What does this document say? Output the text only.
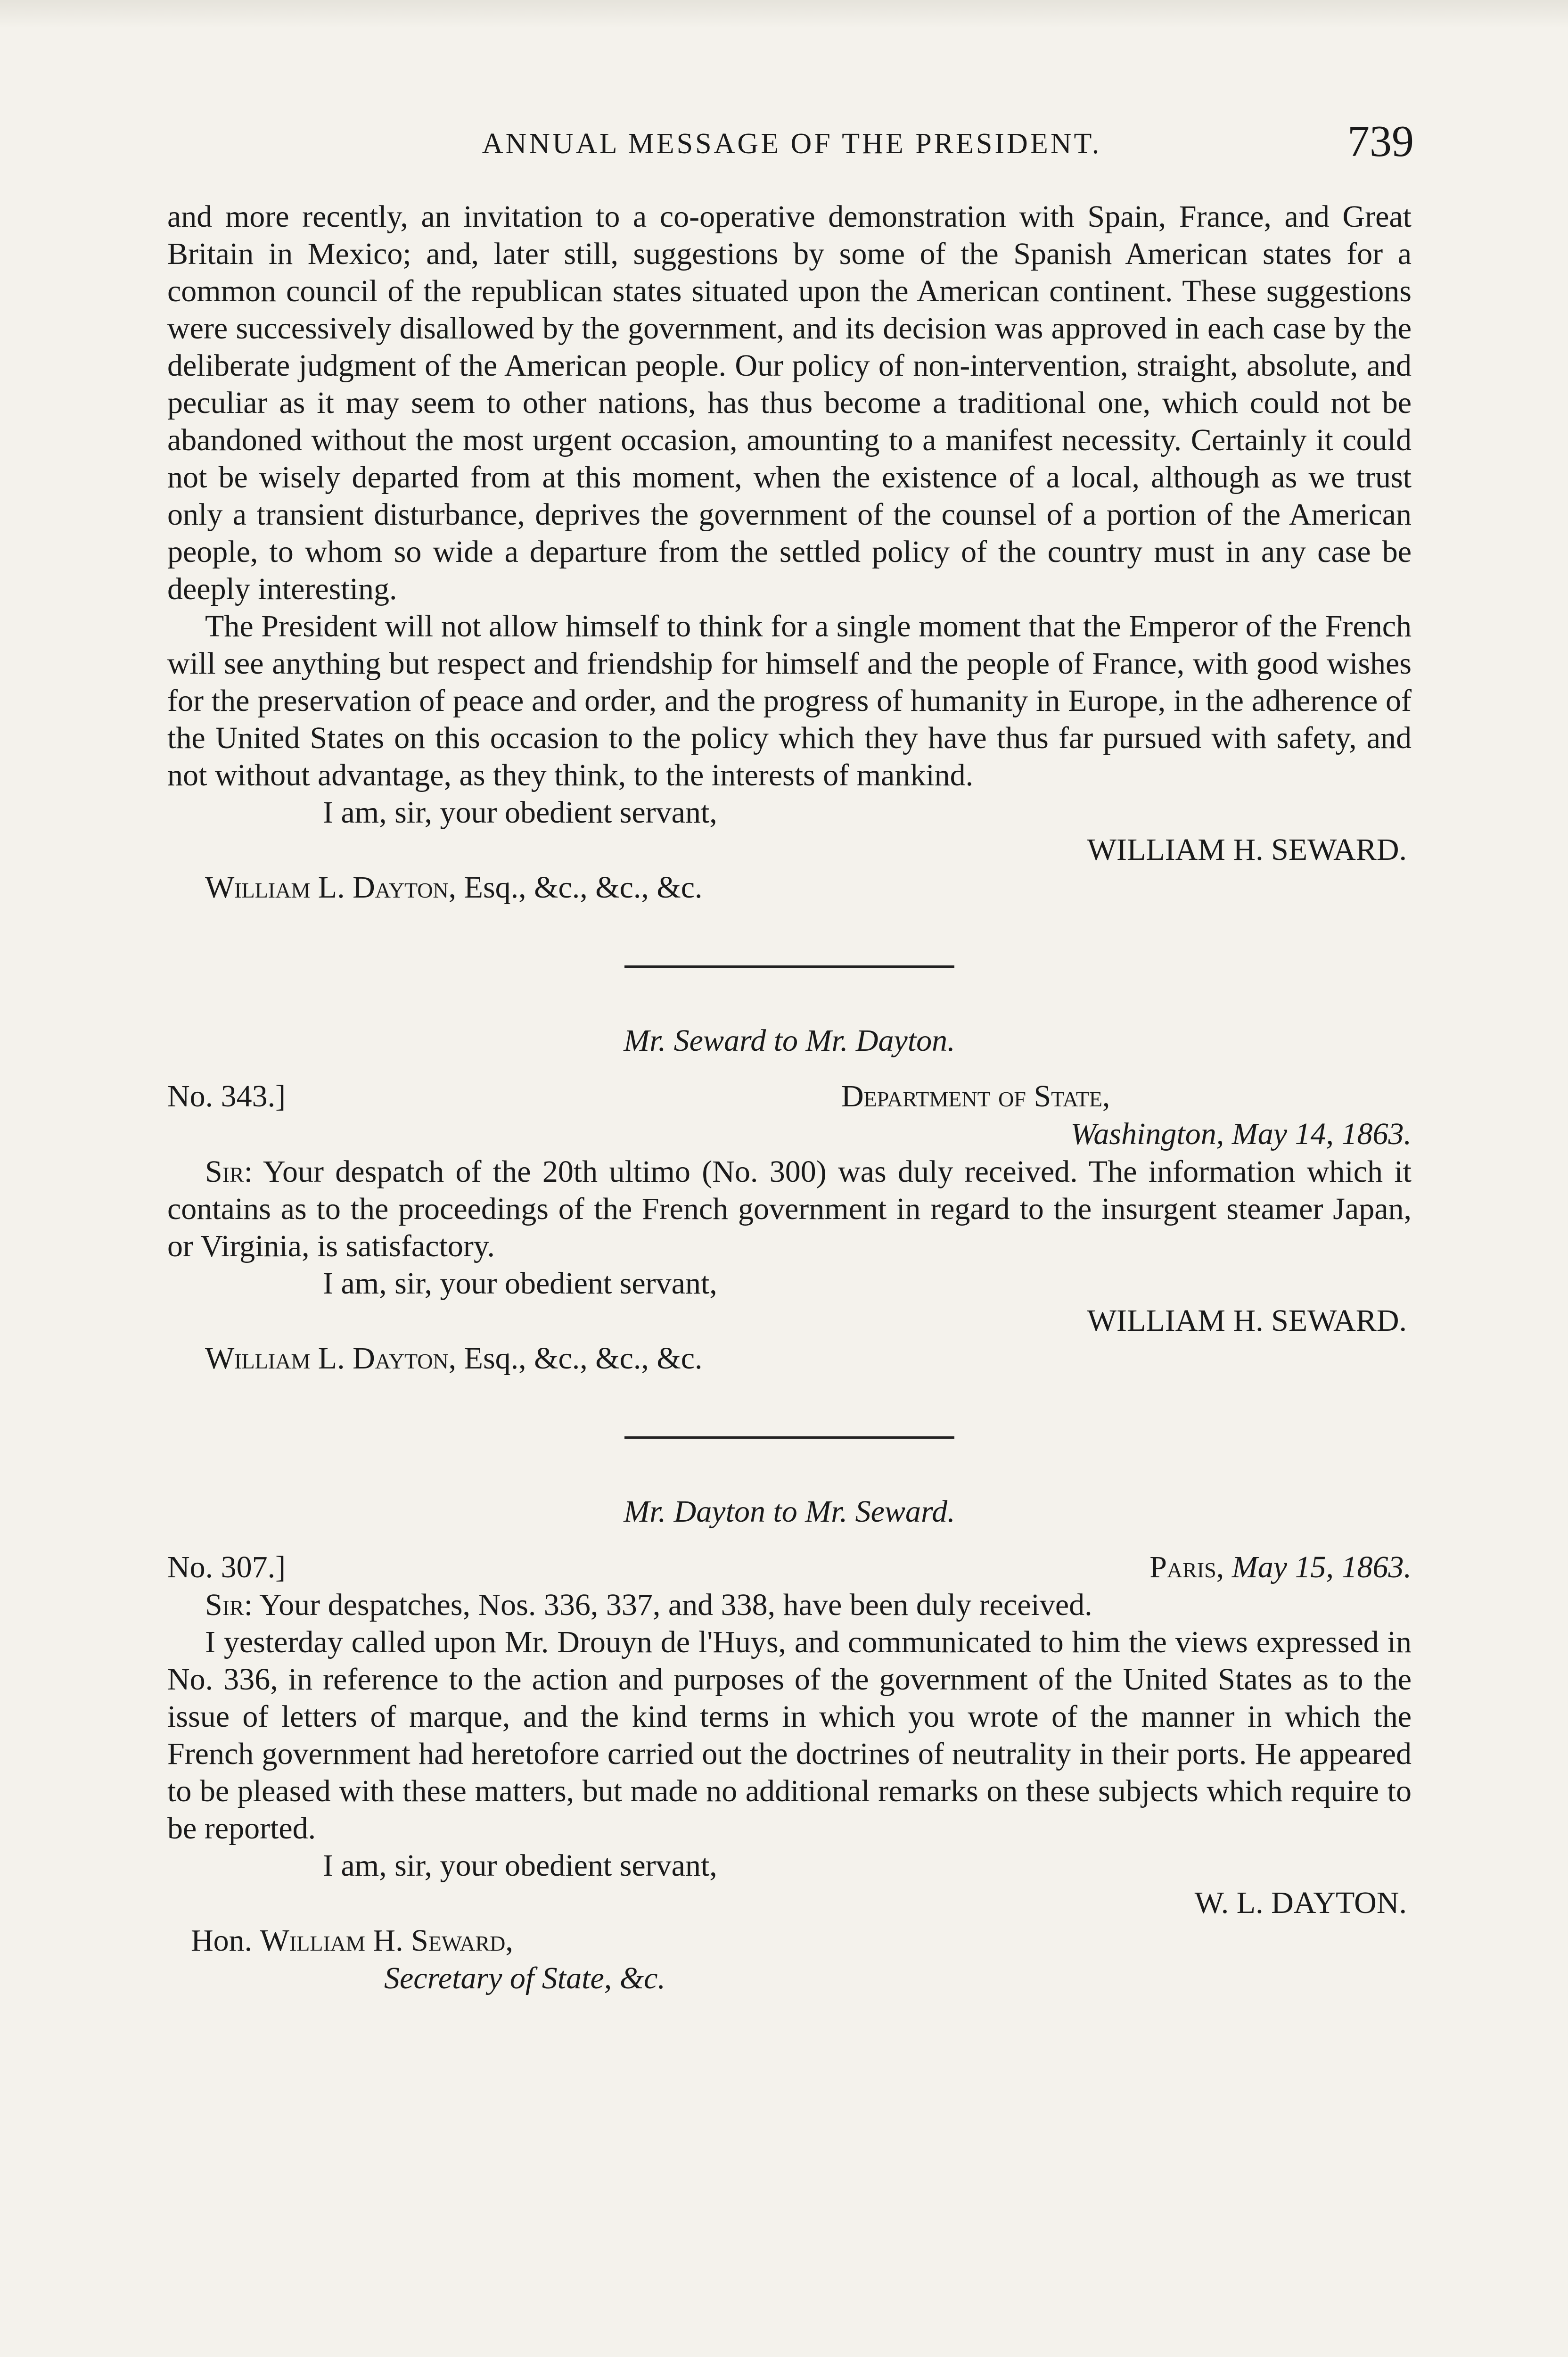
ANNUAL MESSAGE OF THE PRESIDENT.	739

and more recently, an invitation to a co-operative demonstration with Spain, France, and Great Britain in Mexico; and, later still, suggestions by some of the Spanish American states for a common council of the republican states situated upon the American continent. These suggestions were successively disallowed by the government, and its decision was approved in each case by the deliberate judgment of the American people. Our policy of non-intervention, straight, absolute, and peculiar as it may seem to other nations, has thus become a traditional one, which could not be abandoned without the most urgent occasion, amounting to a manifest necessity. Certainly it could not be wisely departed from at this moment, when the existence of a local, although as we trust only a transient disturbance, deprives the government of the counsel of a portion of the American people, to whom so wide a departure from the settled policy of the country must in any case be deeply interesting.

The President will not allow himself to think for a single moment that the Emperor of the French will see anything but respect and friendship for himself and the people of France, with good wishes for the preservation of peace and order, and the progress of humanity in Europe, in the adherence of the United States on this occasion to the policy which they have thus far pursued with safety, and not without advantage, as they think, to the interests of mankind.

I am, sir, your obedient servant,

WILLIAM H. SEWARD.
William L. Dayton, Esq., &c., &c., &c.
Mr. Seward to Mr. Dayton.
No. 343.]	Department of State,
Washington, May 14, 1863.

Sir: Your despatch of the 20th ultimo (No. 300) was duly received. The information which it contains as to the proceedings of the French government in regard to the insurgent steamer Japan, or Virginia, is satisfactory.

I am, sir, your obedient servant,

WILLIAM H. SEWARD.
William L. Dayton, Esq., &c., &c., &c.
Mr. Dayton to Mr. Seward.
No. 307.]	Paris, May 15, 1863.

Sir: Your despatches, Nos. 336, 337, and 338, have been duly received.

I yesterday called upon Mr. Drouyn de l'Huys, and communicated to him the views expressed in No. 336, in reference to the action and purposes of the government of the United States as to the issue of letters of marque, and the kind terms in which you wrote of the manner in which the French government had heretofore carried out the doctrines of neutrality in their ports. He appeared to be pleased with these matters, but made no additional remarks on these subjects which require to be reported.

I am, sir, your obedient servant,

W. L. DAYTON.
Hon. William H. Seward,
Secretary of State, &c.
